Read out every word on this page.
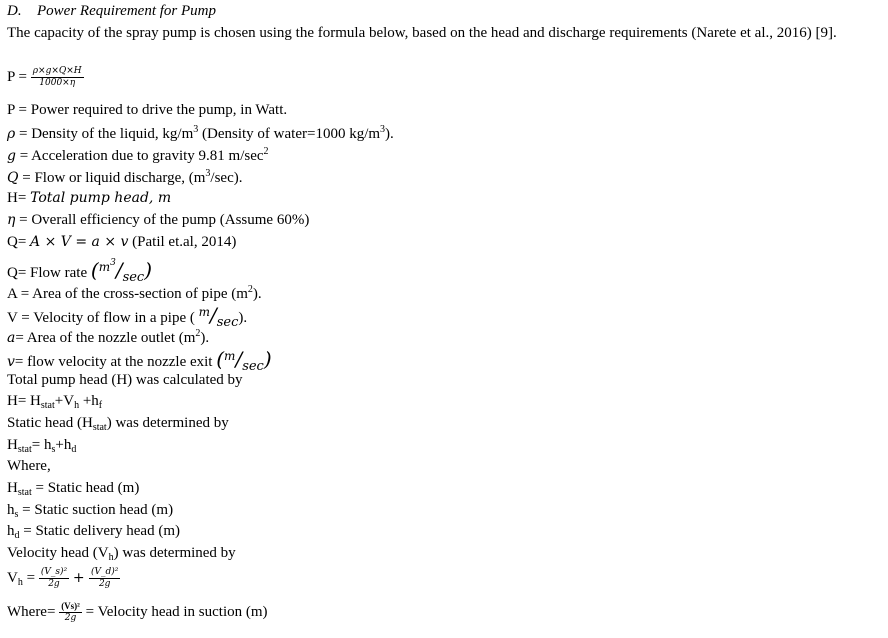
D. Power Requirement for Pump
The capacity of the spray pump is chosen using the formula below, based on the head and discharge requirements (Narete et al., 2016) [9].
$P = \frac{\rho\times g\times Q\times H}{1000\times\eta}$
P = Power required to drive the pump, in Watt.
ρ = Density of the liquid, $kg/m^3$ (Density of water=1000 $kg/m^3$).
g = Acceleration due to gravity 9.81 $m/\sec^2$
Q = Flow or liquid discharge, $(m^3/\sec)$.
H= Total pump head, m
η = Overall efficiency of the pump (Assume 60%)
Q= A × V = a × v (Patil et.al, 2014)
Q= Flow rate $(m^3/\sec)$
A = Area of the cross-section of pipe $(m^2)$.
V = Velocity of flow in a pipe ( m/sec).
a= Area of the nozzle outlet $(m^2)$.
v= flow velocity at the nozzle exit (m/sec)
Total pump head (H) was calculated by
$H= H_{stat}+V_h +h_f$
Static head $(H_{stat})$ was determined by
$H_{stat}= h_s+h_d$
Where,
$H_{stat}$ = Static head (m)
$h_s$ = Static suction head (m)
$h_d$ = Static delivery head (m)
Velocity head $(V_h)$ was determined by
$V_h = \frac{\text{(V\_s)²}}{2g} + \frac{\text{(V\_d)²}}{2g}$
Where= $\frac{\text{(Vs)²}}{2g}$ = Velocity head in suction (m)
